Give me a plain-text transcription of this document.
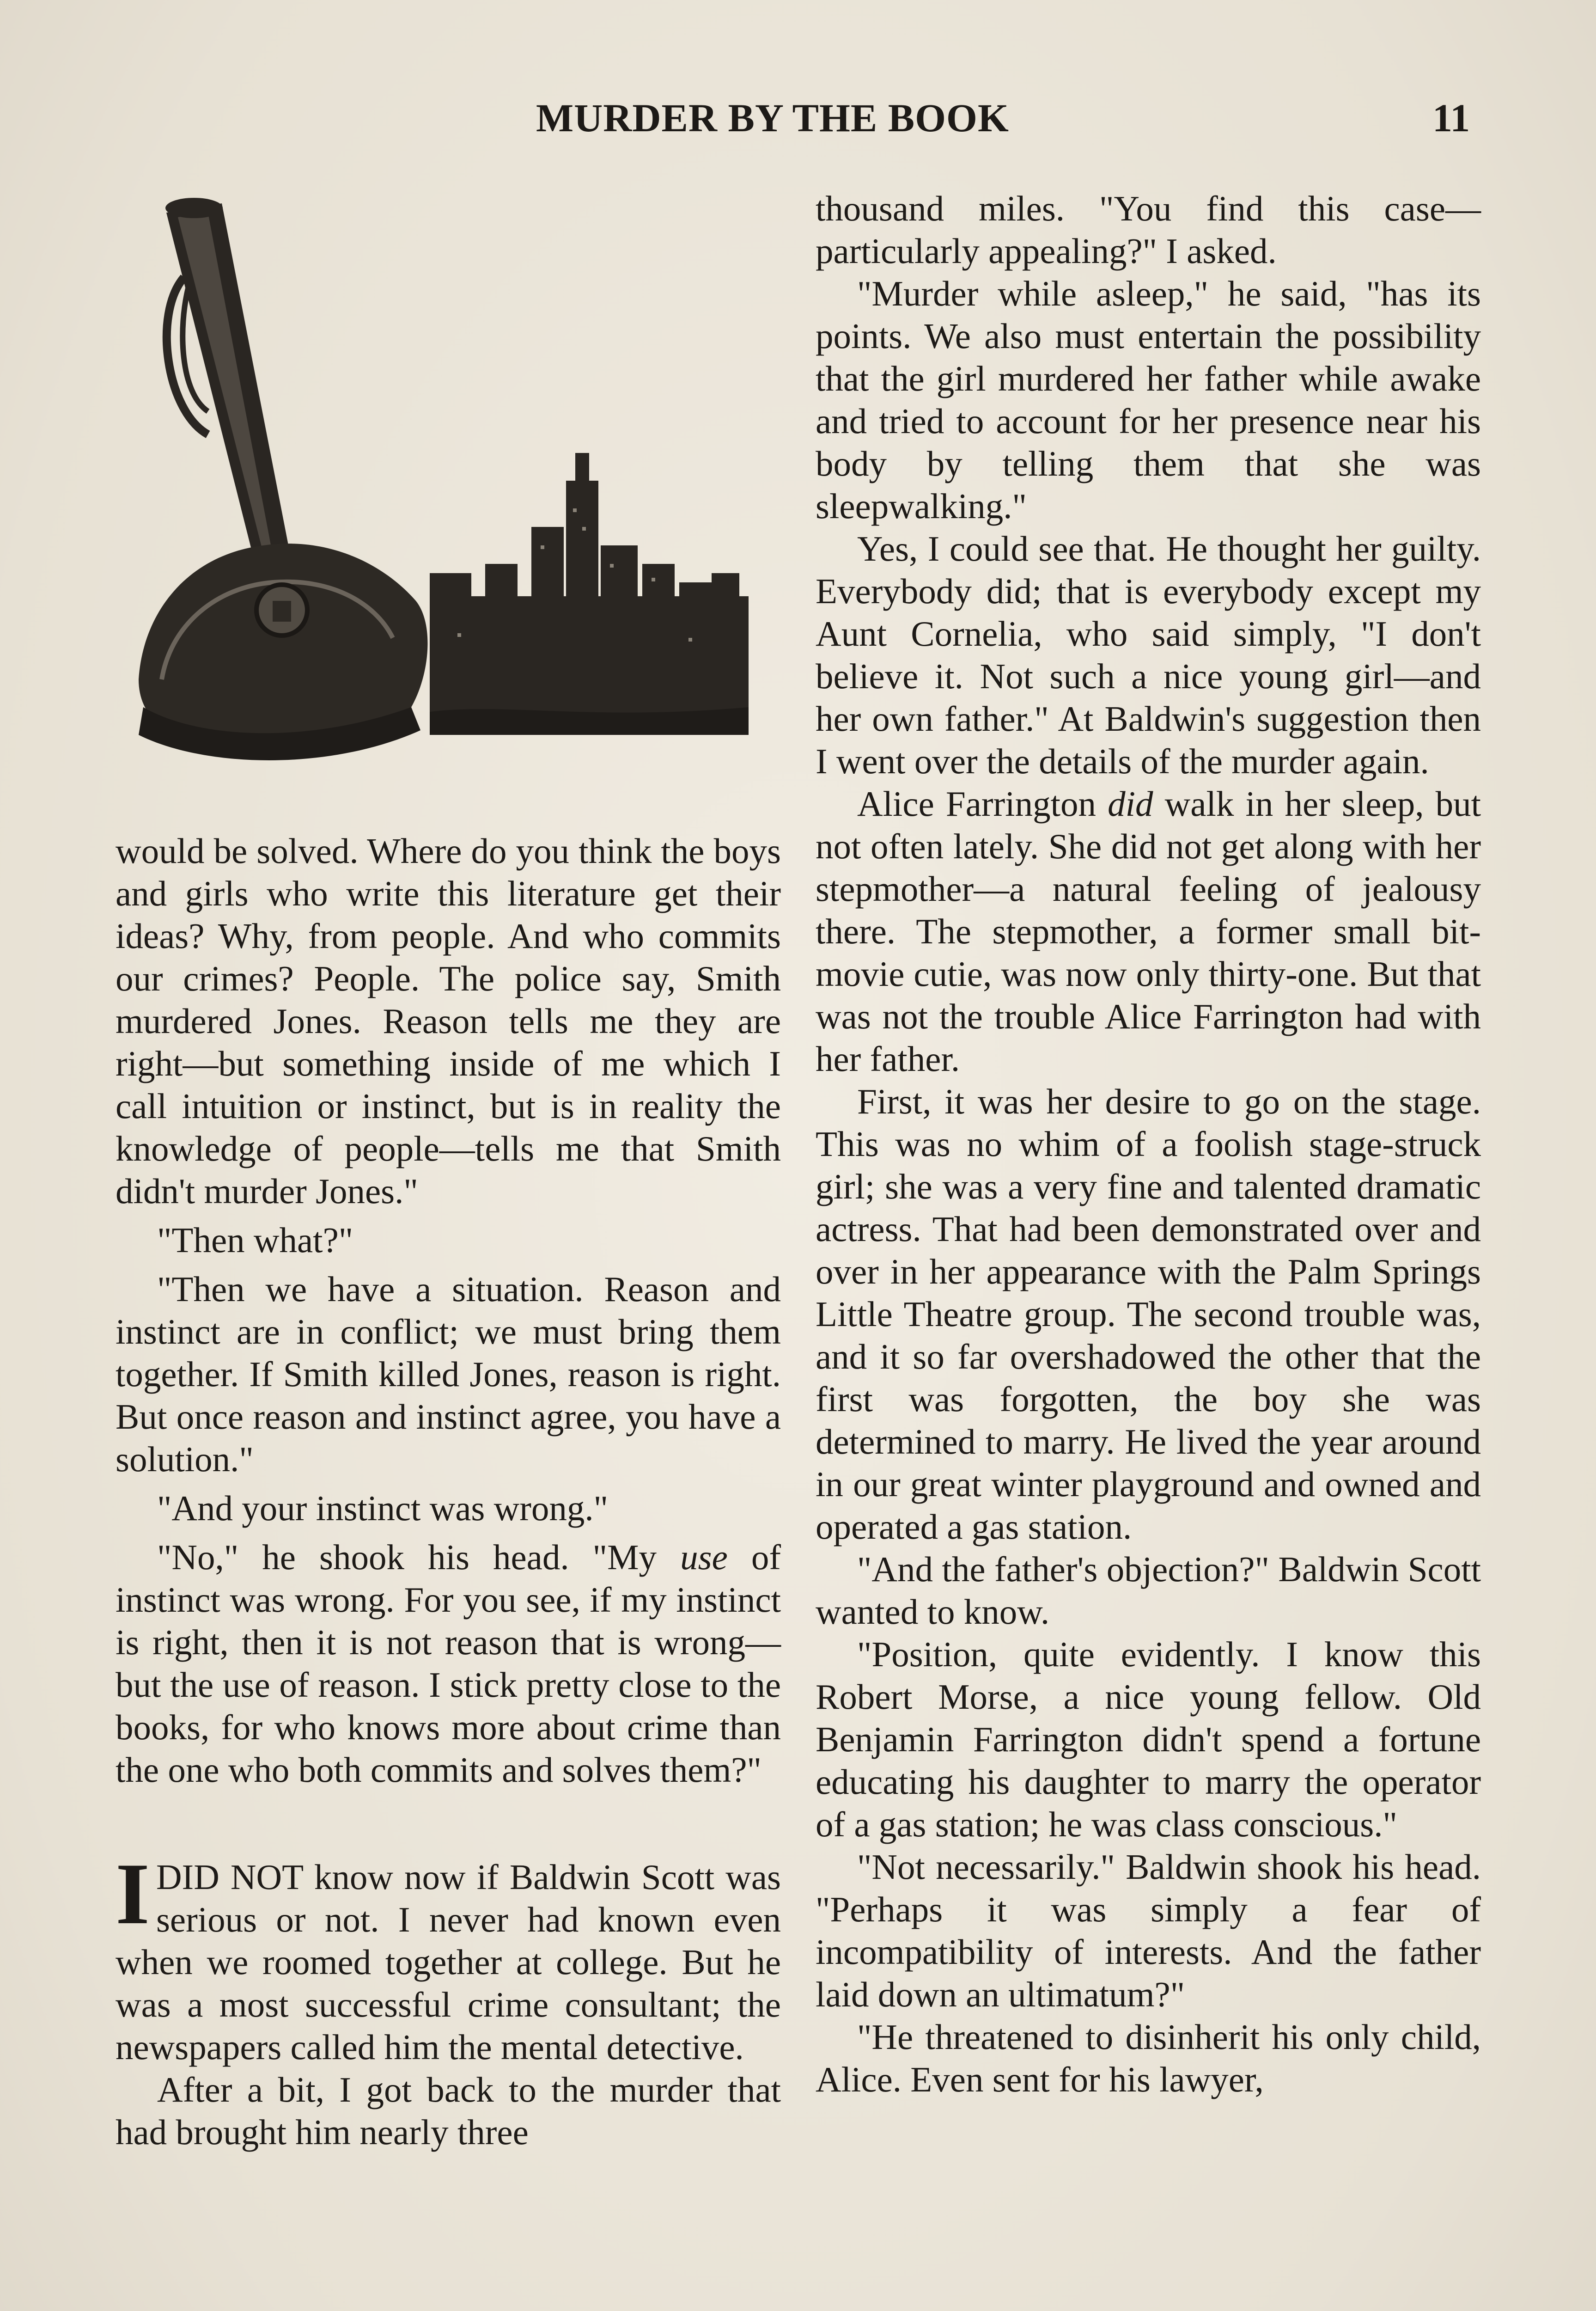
MURDER BY THE BOOK	11

would be solved. Where do you think the boys and girls who write this literature get their ideas? Why, from people. And who commits our crimes? People. The police say, Smith murdered Jones. Reason tells me they are right—but something inside of me which I call intuition or instinct, but is in reality the knowledge of people—tells me that Smith didn't murder Jones."

"Then what?"

"Then we have a situation. Reason and instinct are in conflict; we must bring them together. If Smith killed Jones, reason is right. But once reason and instinct agree, you have a solution."

"And your instinct was wrong."

"No," he shook his head. "My use of instinct was wrong. For you see, if my instinct is right, then it is not reason that is wrong—but the use of reason. I stick pretty close to the books, for who knows more about crime than the one who both commits and solves them?"

IDID NOT know now if Baldwin Scott was serious or not. I never had known even when we roomed together at college. But he was a most successful crime consultant; the newspapers called him the mental detective.

After a bit, I got back to the murder that had brought him nearly three

thousand miles. "You find this case—particularly appealing?" I asked.

"Murder while asleep," he said, "has its points. We also must entertain the possibility that the girl murdered her father while awake and tried to account for her presence near his body by telling them that she was sleepwalking."

Yes, I could see that. He thought her guilty. Everybody did; that is everybody except my Aunt Cornelia, who said simply, "I don't believe it. Not such a nice young girl—and her own father." At Baldwin's suggestion then I went over the details of the murder again.

Alice Farrington did walk in her sleep, but not often lately. She did not get along with her stepmother—a natural feeling of jealousy there. The stepmother, a former small bit-movie cutie, was now only thirty-one. But that was not the trouble Alice Farrington had with her father.

First, it was her desire to go on the stage. This was no whim of a foolish stage-struck girl; she was a very fine and talented dramatic actress. That had been demonstrated over and over in her appearance with the Palm Springs Little Theatre group. The second trouble was, and it so far overshadowed the other that the first was forgotten, the boy she was determined to marry. He lived the year around in our great winter playground and owned and operated a gas station.

"And the father's objection?" Baldwin Scott wanted to know.

"Position, quite evidently. I know this Robert Morse, a nice young fellow. Old Benjamin Farrington didn't spend a fortune educating his daughter to marry the operator of a gas station; he was class conscious."

"Not necessarily." Baldwin shook his head. "Perhaps it was simply a fear of incompatibility of interests. And the father laid down an ultimatum?"

"He threatened to disinherit his only child, Alice. Even sent for his lawyer,
